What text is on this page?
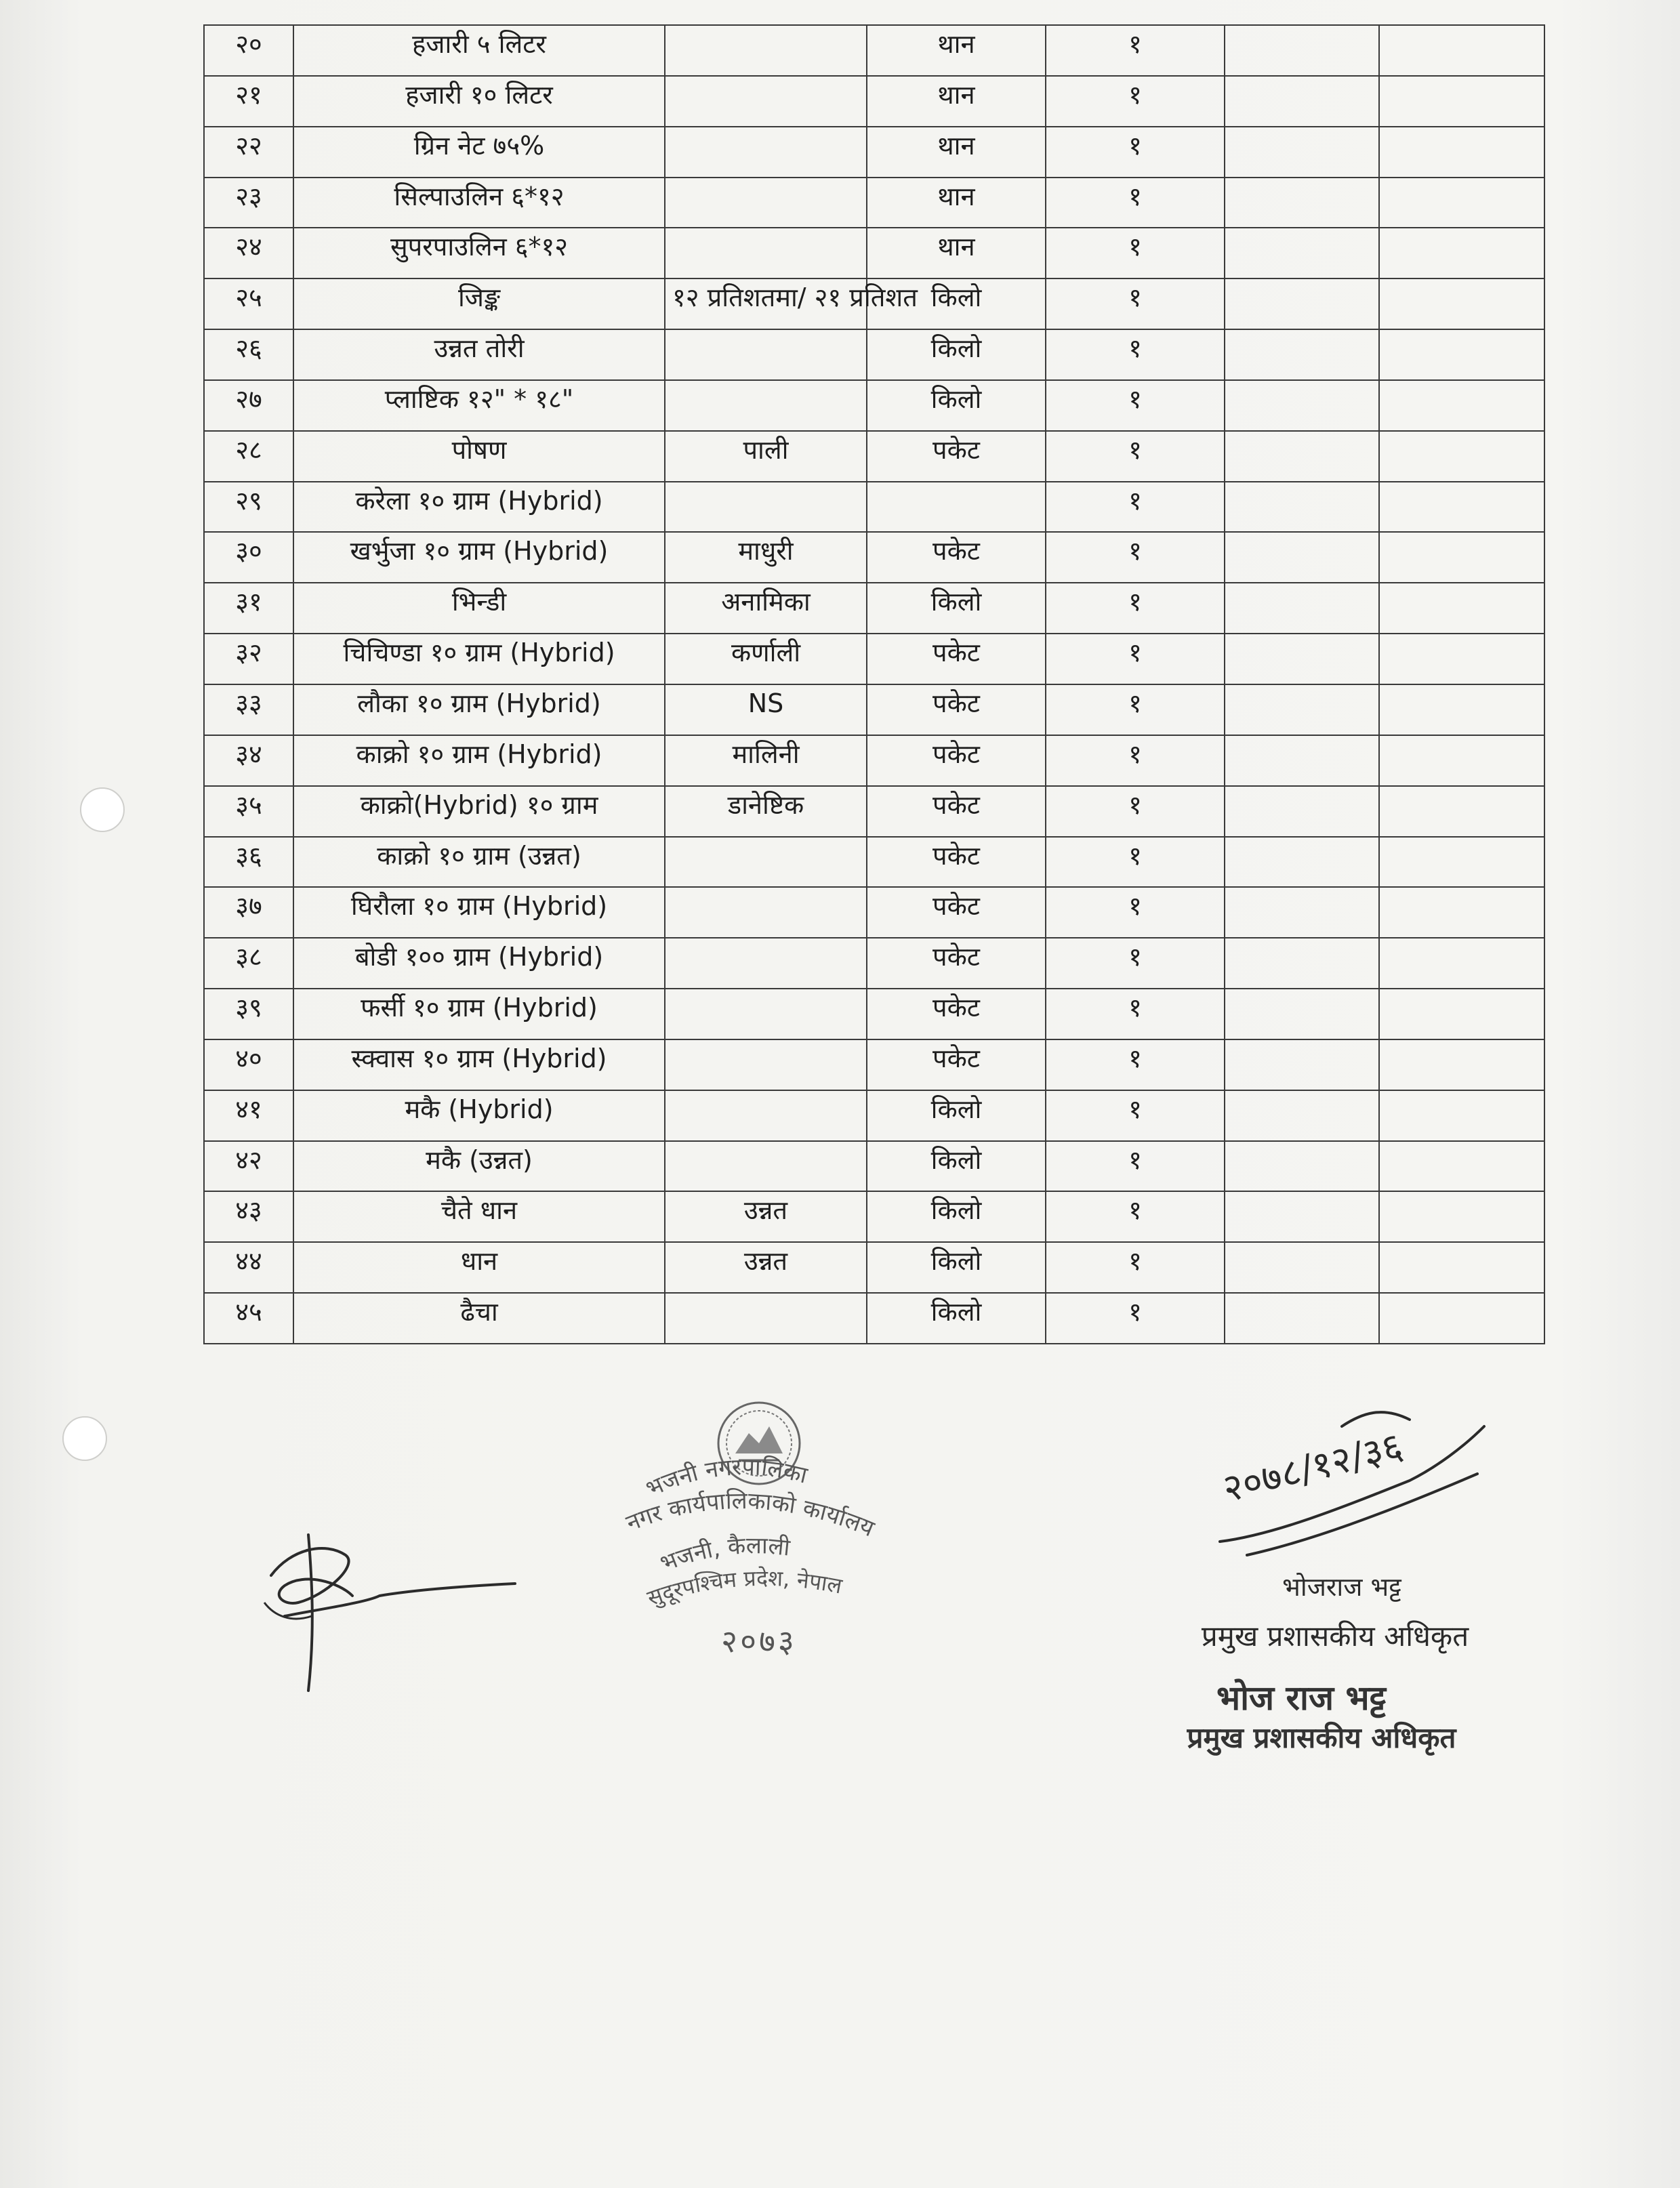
२०	हजारी ५ लिटर		थान	१		
२१	हजारी १० लिटर		थान	१		
२२	ग्रिन नेट ७५%		थान	१		
२३	सिल्पाउलिन ६*१२		थान	१		
२४	सुपरपाउलिन ६*१२		थान	१		
२५	जिङ्क	१२ प्रतिशतमा/ २१ प्रतिशत	किलो	१		
२६	उन्नत तोरी		किलो	१		
२७	प्लाष्टिक १२" * १८"		किलो	१		
२८	पोषण	पाली	पकेट	१		
२९	करेला १० ग्राम (Hybrid)			१		
३०	खर्भुजा १० ग्राम (Hybrid)	माधुरी	पकेट	१		
३१	भिन्डी	अनामिका	किलो	१		
३२	चिचिण्डा १० ग्राम (Hybrid)	कर्णाली	पकेट	१		
३३	लौका १० ग्राम (Hybrid)	NS	पकेट	१		
३४	काक्रो १० ग्राम (Hybrid)	मालिनी	पकेट	१		
३५	काक्रो(Hybrid) १० ग्राम	डानेष्टिक	पकेट	१		
३६	काक्रो १० ग्राम (उन्नत)		पकेट	१		
३७	घिरौला १० ग्राम (Hybrid)		पकेट	१		
३८	बोडी १०० ग्राम (Hybrid)		पकेट	१		
३९	फर्सी १० ग्राम (Hybrid)		पकेट	१		
४०	स्क्वास १० ग्राम (Hybrid)		पकेट	१		
४१	मकै (Hybrid)		किलो	१		
४२	मकै (उन्नत)		किलो	१		
४३	चैते धान	उन्नत	किलो	१		
४४	धान	उन्नत	किलो	१		
४५	ढैचा		किलो	१		
भजनी नगरपालिका
नगर कार्यपालिकाको कार्यालय
भजनी, कैलाली
सुदूरपश्चिम प्रदेश, नेपाल
२०७३
२०७८/१२/३६
भोजराज भट्ट
प्रमुख प्रशासकीय अधिकृत
भोज राज भट्ट
प्रमुख प्रशासकीय अधिकृत
